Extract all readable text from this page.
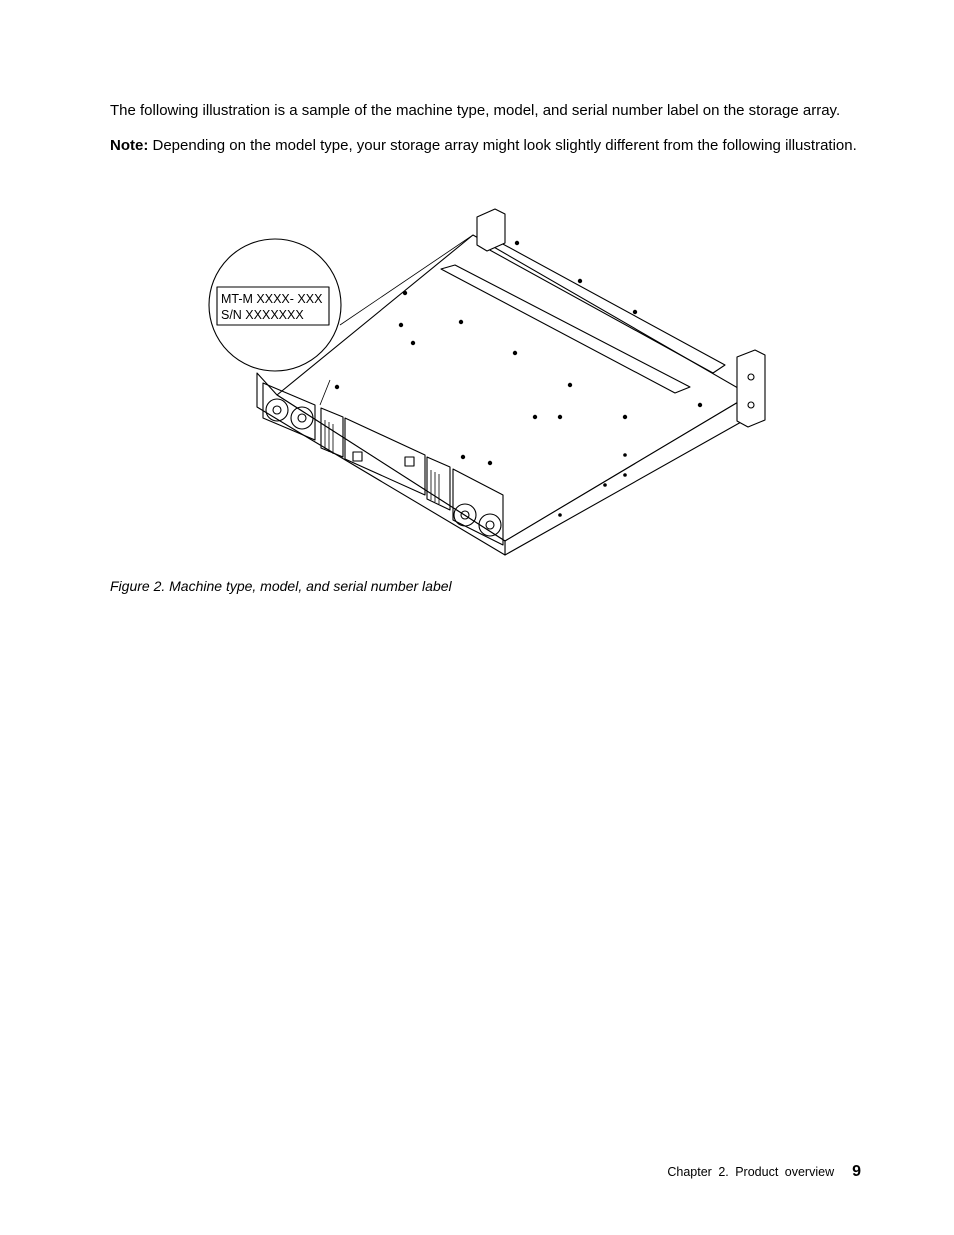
The following illustration is a sample of the machine type, model, and serial number label on the storage array.

Note: Depending on the model type, your storage array might look slightly different from the following illustration.

MT-M XXXX- XXX
S/N XXXXXXX
Figure 2. Machine type, model, and serial number label
Chapter 2. Product overview 9
